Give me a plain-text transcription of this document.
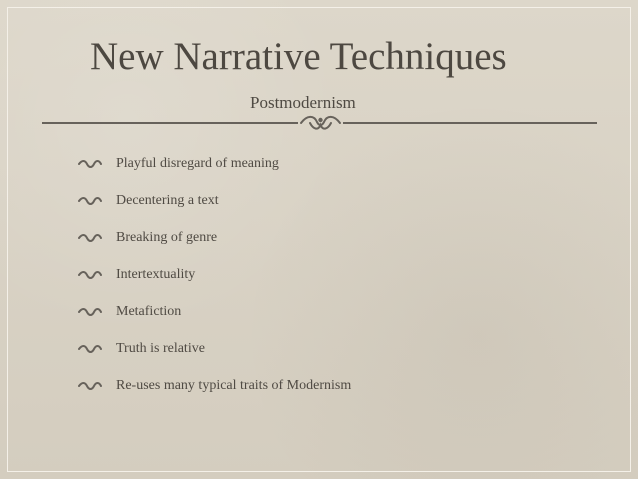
New Narrative Techniques
Postmodernism
Playful disregard of meaning
Decentering a text
Breaking of genre
Intertextuality
Metafiction
Truth is relative
Re-uses many typical traits of Modernism
